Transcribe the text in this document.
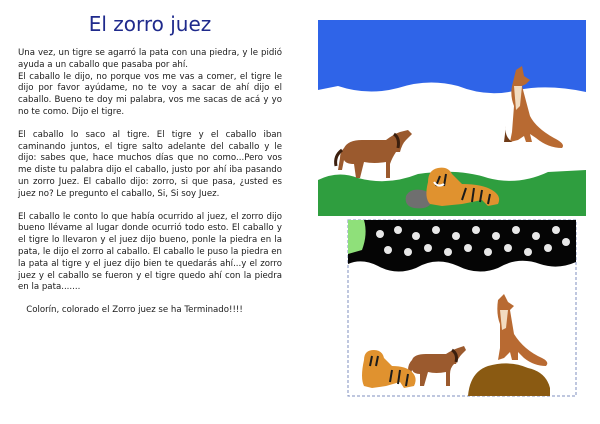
El zorro juez

Una vez, un tigre se agarró la pata con una piedra, y le pidió ayuda a un caballo que pasaba por ahí.
El caballo le dijo, no porque vos me vas a comer, el tigre le dijo por favor ayúdame, no te voy a sacar de ahí dijo el caballo. Bueno te doy mi palabra, vos me sacas de acá y yo no te como. Dijo el tigre.

El caballo lo saco al tigre. El tigre y el caballo iban caminando juntos, el tigre salto adelante del caballo y le dijo: sabes que, hace muchos días que no como...Pero vos me diste tu palabra dijo el caballo, justo por ahí iba pasando un zorro Juez. El caballo dijo: zorro, si que pasa, ¿usted es juez no? Le pregunto el caballo, Si, Si soy Juez.

El caballo le conto lo que había ocurrido al juez, el zorro dijo bueno llévame al lugar donde ocurrió todo esto. El caballo y el tigre lo llevaron y el juez dijo bueno, ponle la piedra en la pata, le dijo el zorro al caballo. El caballo le puso la piedra en la pata al tigre y el juez dijo bien te quedarás ahí...y el zorro juez y el caballo se fueron y el tigre quedo ahí con la piedra en la pata.......

Colorín, colorado el Zorro juez se ha Terminado!!!!
